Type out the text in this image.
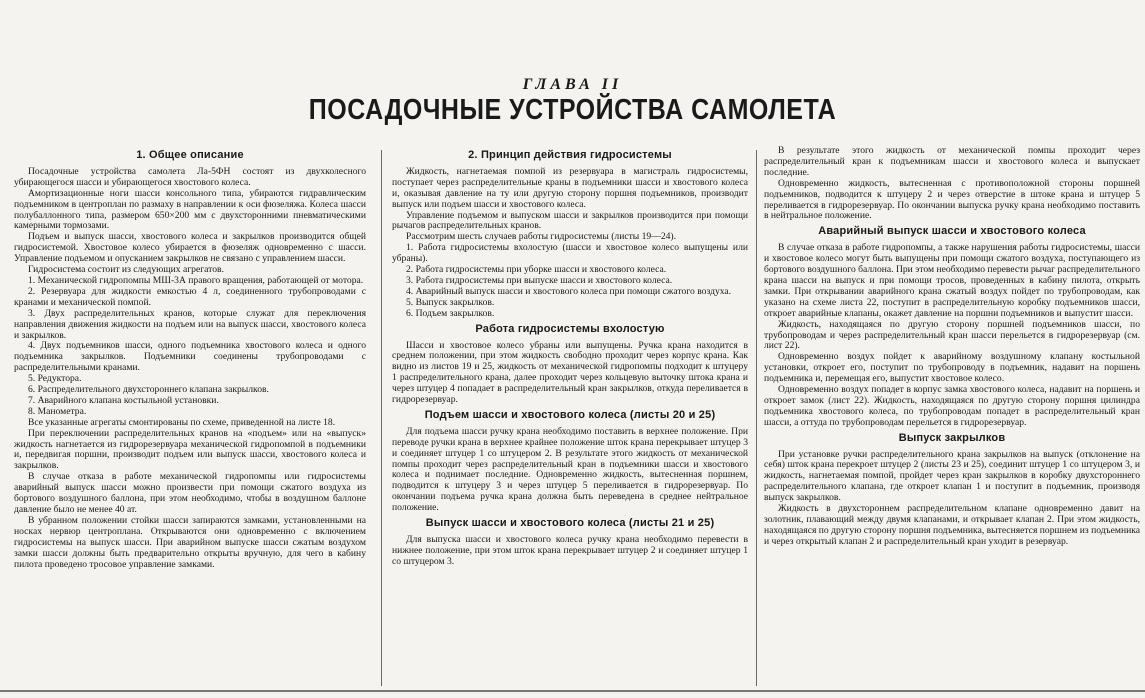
ГЛАВА II
ПОСАДОЧНЫЕ УСТРОЙСТВА САМОЛЕТА
1. Общее описание

Посадочные устройства самолета Ла-5ФН состоят из двухколесного убирающегося шасси и убирающегося хвостового колеса.

Амортизационные ноги шасси консольного типа, убираются гидравлическим подъемником в центроплан по размаху в направлении к оси фюзеляжа. Колеса шасси полубаллонного типа, размером 650×200 мм с двухсторонними пневматическими камерными тормозами.

Подъем и выпуск шасси, хвостового колеса и закрылков производится общей гидросистемой. Хвостовое колесо убирается в фюзеляж одновременно с шасси. Управление подъемом и опусканием закрылков не связано с управлением шасси.

Гидросистема состоит из следующих агрегатов.

1. Механической гидропомпы МШ-3А правого вращения, работающей от мотора.

2. Резервуара для жидкости емкостью 4 л, соединенного трубопроводами с кранами и механической помпой.

3. Двух распределительных кранов, которые служат для переключения направления движения жидкости на подъем или на выпуск шасси, хвостового колеса и закрылков.

4. Двух подъемников шасси, одного подъемника хвостового колеса и одного подъемника закрылков. Подъемники соединены трубопроводами с распределительными кранами.

5. Редуктора.

6. Распределительного двухстороннего клапана закрылков.

7. Аварийного клапана костыльной установки.

8. Манометра.

Все указанные агрегаты смонтированы по схеме, приведенной на листе 18.

При переключении распределительных кранов на «подъем» или на «выпуск» жидкость нагнетается из гидрорезервуара механической гидропомпой в подъемники и, передвигая поршни, производит подъем или выпуск шасси, хвостового колеса и закрылков.

В случае отказа в работе механической гидропомпы или гидросистемы аварийный выпуск шасси можно произвести при помощи сжатого воздуха из бортового воздушного баллона, при этом необходимо, чтобы в воздушном баллоне давление было не менее 40 ат.

В убранном положении стойки шасси запираются замками, установленными на носках нервюр центроплана. Открываются они одновременно с включением гидросистемы на выпуск шасси. При аварийном выпуске шасси сжатым воздухом замки шасси должны быть предварительно открыты вручную, для чего в кабину пилота проведено тросовое управление замками.

2. Принцип действия гидросистемы

Жидкость, нагнетаемая помпой из резервуара в магистраль гидросистемы, поступает через распределительные краны в подъемники шасси и хвостового колеса и, оказывая давление на ту или другую сторону поршня подъемников, производит выпуск или подъем шасси и хвостового колеса.

Управление подъемом и выпуском шасси и закрылков производится при помощи рычагов распределительных кранов.

Рассмотрим шесть случаев работы гидросистемы (листы 19—24).

1. Работа гидросистемы вхолостую (шасси и хвостовое колесо выпущены или убраны).

2. Работа гидросистемы при уборке шасси и хвостового колеса.

3. Работа гидросистемы при выпуске шасси и хвостового колеса.

4. Аварийный выпуск шасси и хвостового колеса при помощи сжатого воздуха.

5. Выпуск закрылков.

6. Подъем закрылков.

Работа гидросистемы вхолостую

Шасси и хвостовое колесо убраны или выпущены. Ручка крана находится в среднем положении, при этом жидкость свободно проходит через корпус крана. Как видно из листов 19 и 25, жидкость от механической гидропомпы подходит к штуцеру 1 распределительного крана, далее проходит через кольцевую выточку штока крана и через штуцер 4 попадает в распределительный кран закрылков, откуда переливается в гидрорезервуар.

Подъем шасси и хвостового колеса (листы 20 и 25)

Для подъема шасси ручку крана необходимо поставить в верхнее положение. При переводе ручки крана в верхнее крайнее положение шток крана перекрывает штуцер 3 и соединяет штуцер 1 со штуцером 2. В результате этого жидкость от механической помпы проходит через распределительный кран в подъемники шасси и хвостового колеса и поднимает последние. Одновременно жидкость, вытесненная поршнем, подводится к штуцеру 3 и через штуцер 5 переливается в гидрорезервуар. По окончании подъема ручка крана должна быть переведена в среднее нейтральное положение.

Выпуск шасси и хвостового колеса (листы 21 и 25)

Для выпуска шасси и хвостового колеса ручку крана необходимо перевести в нижнее положение, при этом шток крана перекрывает штуцер 2 и соединяет штуцер 1 со штуцером 3.

В результате этого жидкость от механической помпы проходит через распределительный кран к подъемникам шасси и хвостового колеса и выпускает последние.

Одновременно жидкость, вытесненная с противоположной стороны поршней подъемников, подводится к штуцеру 2 и через отверстие в штоке крана и штуцер 5 переливается в гидрорезервуар. По окончании выпуска ручку крана необходимо поставить в нейтральное положение.

Аварийный выпуск шасси и хвостового колеса

В случае отказа в работе гидропомпы, а также нарушения работы гидросистемы, шасси и хвостовое колесо могут быть выпущены при помощи сжатого воздуха, поступающего из бортового воздушного баллона. При этом необходимо перевести рычаг распределительного крана шасси на выпуск и при помощи тросов, проведенных в кабину пилота, открыть замки. При открывании аварийного крана сжатый воздух пойдет по трубопроводам, как указано на схеме листа 22, поступит в распределительную коробку подъемников шасси, откроет аварийные клапаны, окажет давление на поршни подъемников и выпустит шасси.

Жидкость, находящаяся по другую сторону поршней подъемников шасси, по трубопроводам и через распределительный кран шасси перельется в гидрорезервуар (см. лист 22).

Одновременно воздух пойдет к аварийному воздушному клапану костыльной установки, откроет его, поступит по трубопроводу в подъемник, надавит на поршень подъемника и, перемещая его, выпустит хвостовое колесо.

Одновременно воздух попадет в корпус замка хвостового колеса, надавит на поршень и откроет замок (лист 22). Жидкость, находящаяся по другую сторону поршня цилиндра подъемника хвостового колеса, по трубопроводам попадет в распределительный кран шасси, а оттуда по трубопроводам перельется в гидрорезервуар.

Выпуск закрылков

При установке ручки распределительного крана закрылков на выпуск (отклонение на себя) шток крана перекроет штуцер 2 (листы 23 и 25), соединит штуцер 1 со штуцером 3, и жидкость, нагнетаемая помпой, пройдет через кран закрылков в коробку двухстороннего распределительного клапана, где откроет клапан 1 и поступит в подъемник, производя выпуск закрылков.

Жидкость в двухстороннем распределительном клапане одновременно давит на золотник, плавающий между двумя клапанами, и открывает клапан 2. При этом жидкость, находящаяся по другую сторону поршня подъемника, вытесняется поршнем из подъемника и через открытый клапан 2 и распределительный кран уходит в резервуар.
